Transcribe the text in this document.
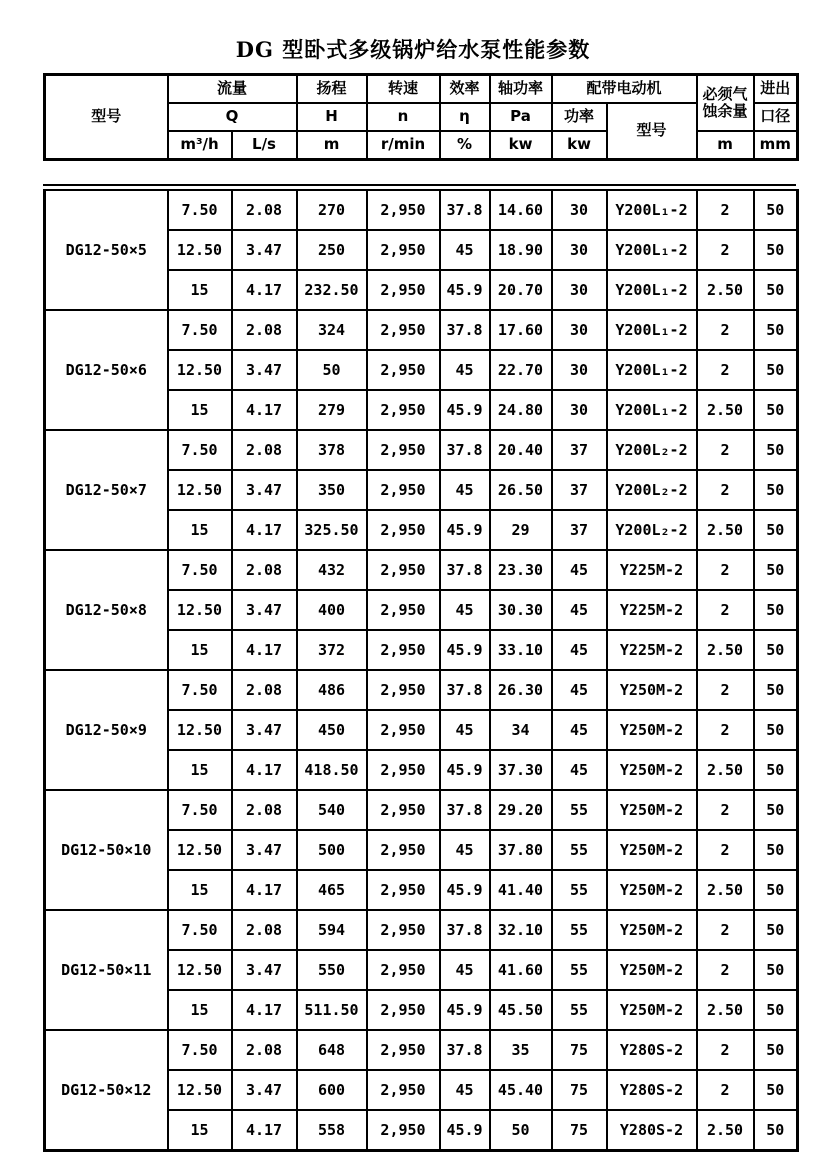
DG 型卧式多级锅炉给水泵性能参数
型号	流量		扬程	转速	效率	轴功率	配带电动机		必须气蚀余量	进出
	Q		H	n	η	Pa	功率	型号		口径
	m³/h	L/s	m	r/min	%	kw	kw		m	mm
DG12-50×5	7.50	2.08	270	2,950	37.8	14.60	30	Y200L₁-2	2	50
	12.50	3.47	250	2,950	45	18.90	30	Y200L₁-2	2	50
	15	4.17	232.50	2,950	45.9	20.70	30	Y200L₁-2	2.50	50
DG12-50×6	7.50	2.08	324	2,950	37.8	17.60	30	Y200L₁-2	2	50
	12.50	3.47	50	2,950	45	22.70	30	Y200L₁-2	2	50
	15	4.17	279	2,950	45.9	24.80	30	Y200L₁-2	2.50	50
DG12-50×7	7.50	2.08	378	2,950	37.8	20.40	37	Y200L₂-2	2	50
	12.50	3.47	350	2,950	45	26.50	37	Y200L₂-2	2	50
	15	4.17	325.50	2,950	45.9	29	37	Y200L₂-2	2.50	50
DG12-50×8	7.50	2.08	432	2,950	37.8	23.30	45	Y225M-2	2	50
	12.50	3.47	400	2,950	45	30.30	45	Y225M-2	2	50
	15	4.17	372	2,950	45.9	33.10	45	Y225M-2	2.50	50
DG12-50×9	7.50	2.08	486	2,950	37.8	26.30	45	Y250M-2	2	50
	12.50	3.47	450	2,950	45	34	45	Y250M-2	2	50
	15	4.17	418.50	2,950	45.9	37.30	45	Y250M-2	2.50	50
DG12-50×10	7.50	2.08	540	2,950	37.8	29.20	55	Y250M-2	2	50
	12.50	3.47	500	2,950	45	37.80	55	Y250M-2	2	50
	15	4.17	465	2,950	45.9	41.40	55	Y250M-2	2.50	50
DG12-50×11	7.50	2.08	594	2,950	37.8	32.10	55	Y250M-2	2	50
	12.50	3.47	550	2,950	45	41.60	55	Y250M-2	2	50
	15	4.17	511.50	2,950	45.9	45.50	55	Y250M-2	2.50	50
DG12-50×12	7.50	2.08	648	2,950	37.8	35	75	Y280S-2	2	50
	12.50	3.47	600	2,950	45	45.40	75	Y280S-2	2	50
	15	4.17	558	2,950	45.9	50	75	Y280S-2	2.50	50
